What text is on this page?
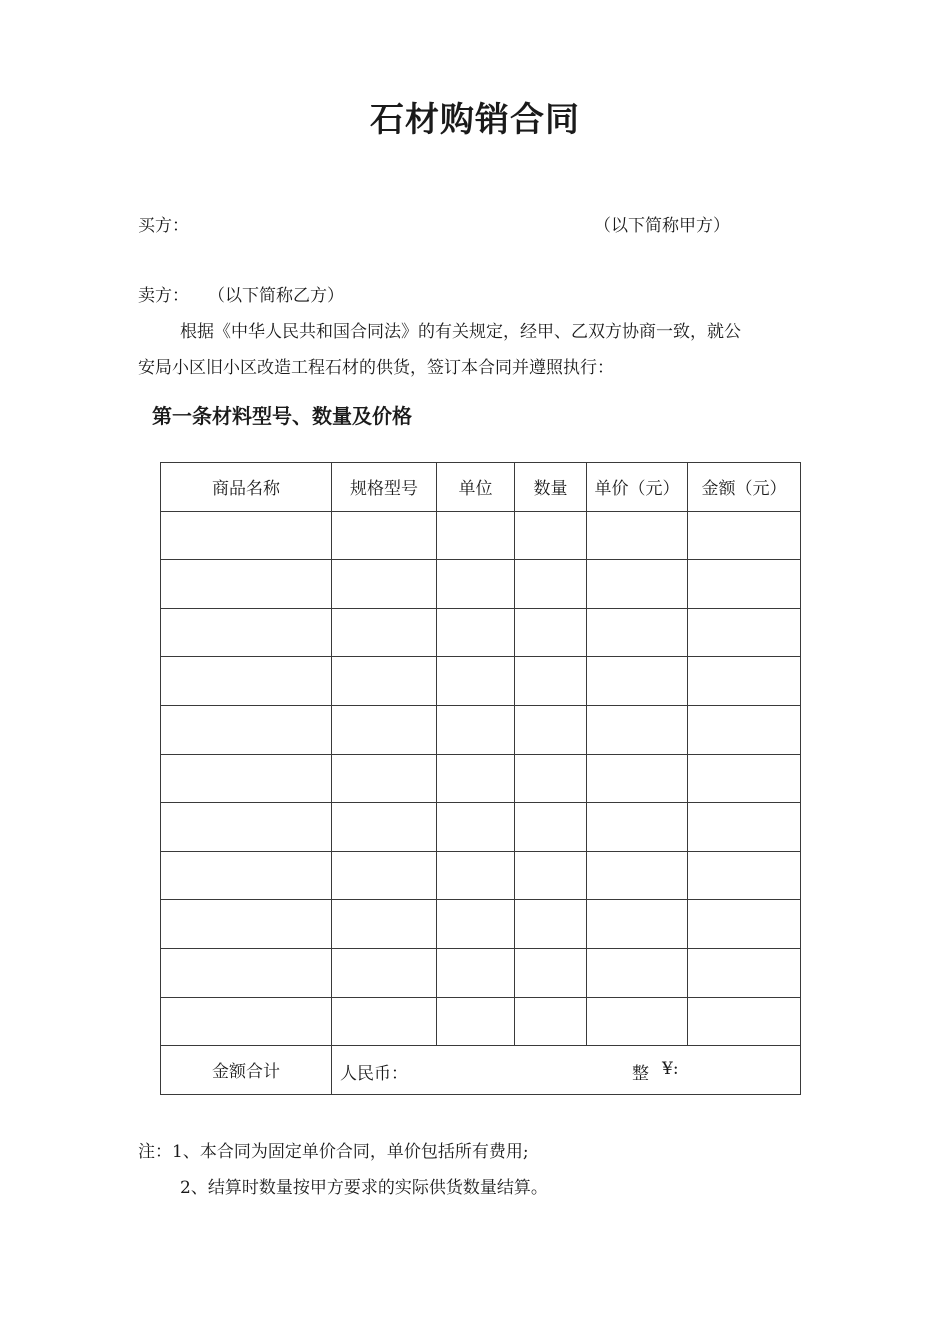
石材购销合同
买方：	（以下简称甲方）
卖方： （以下简称乙方）
根据《中华人民共和国合同法》的有关规定，经甲、乙双方协商一致，就公
安局小区旧小区改造工程石材的供货，签订本合同并遵照执行：
第一条材料型号、数量及价格
商品名称	规格型号	单位	数量	单价（元）	金额（元）

金额合计	人民币： 整 ¥:				
注：1、本合同为固定单价合同，单价包括所有费用;
2、结算时数量按甲方要求的实际供货数量结算。
